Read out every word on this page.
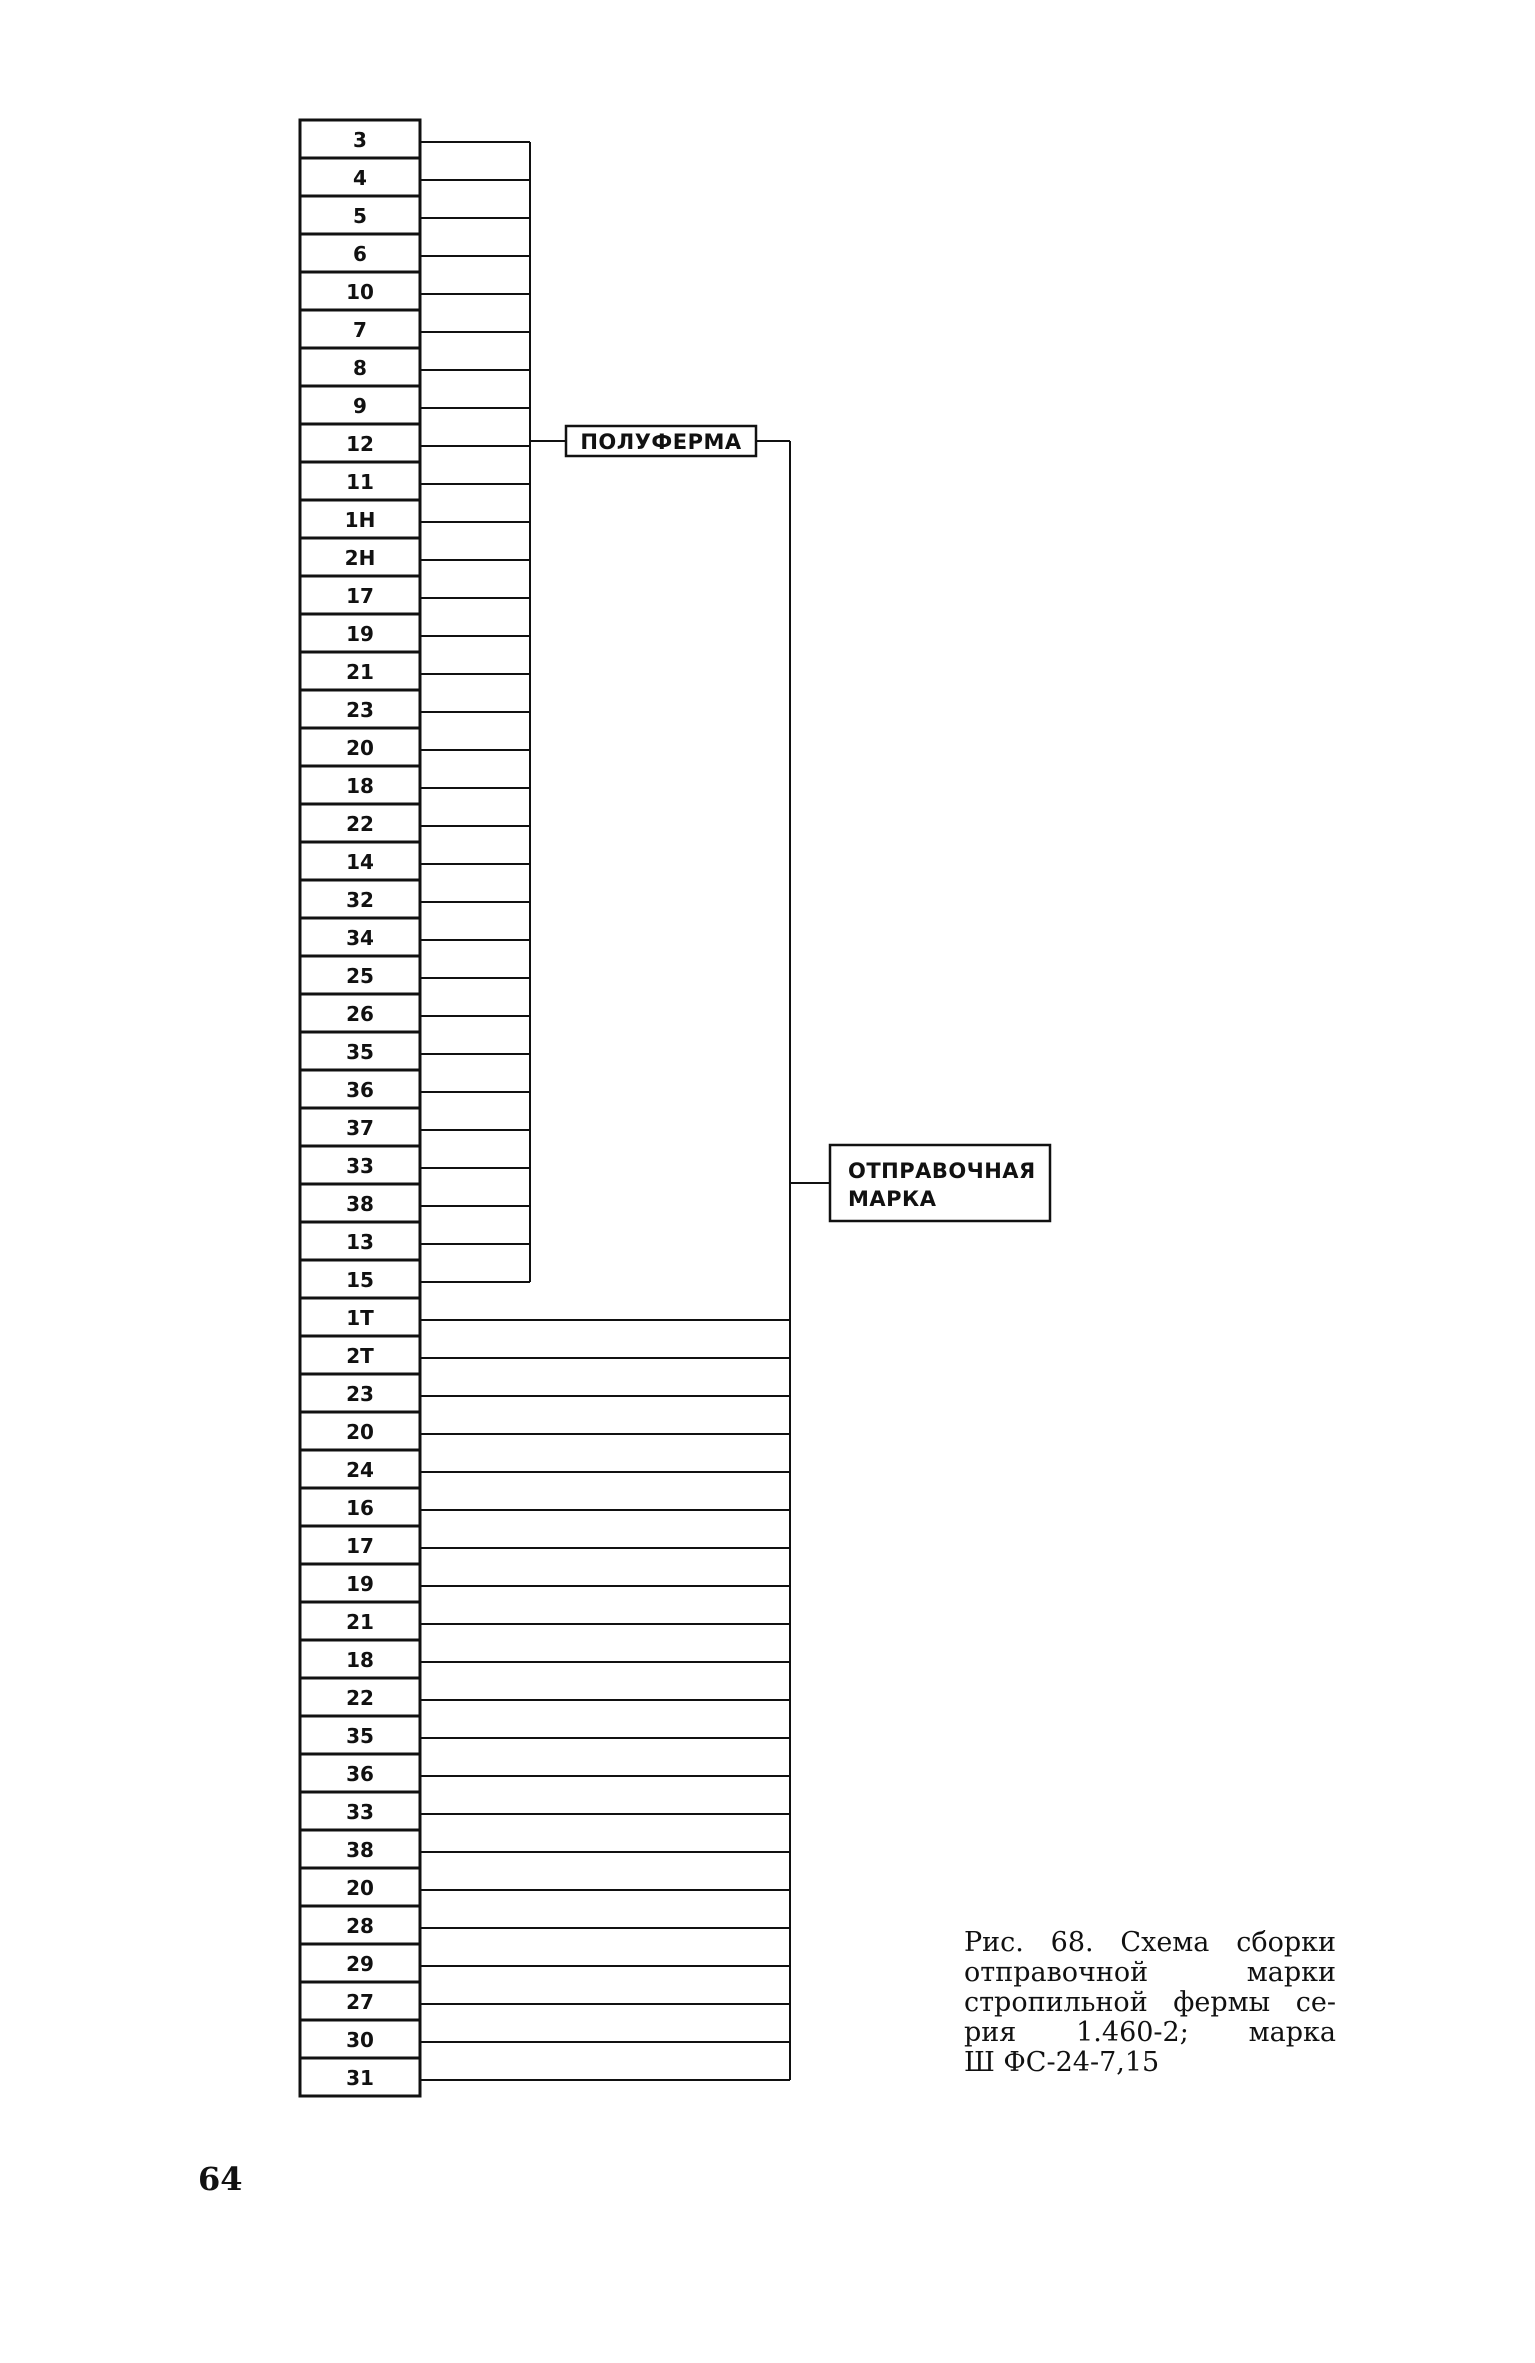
3
4
5
6
10
7
8
9
12
11
1Н
2Н
17
19
21
23
20
18
22
14
32
34
25
26
35
36
37
33
38
13
15
1Т
2Т
23
20
24
16
17
19
21
18
22
35
36
33
38
20
28
29
27
30
31
ПОЛУФЕРМА
ОТПРАВОЧНАЯ
МАРКА
Рис. 68. Схема сборки
отправочной марки
стропильной фермы се-
рия 1.460-2; марка
Ш ФС-24-7,15
64
